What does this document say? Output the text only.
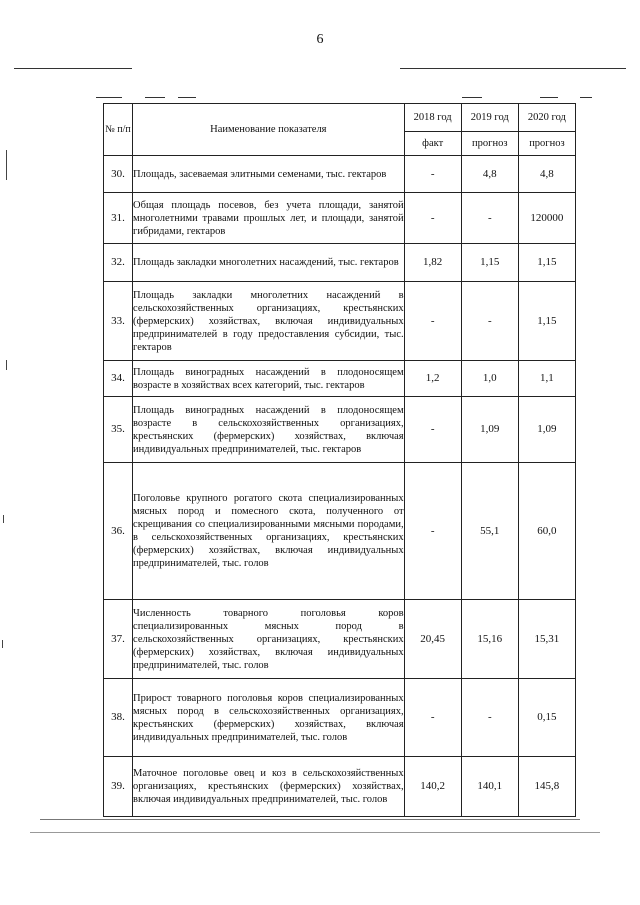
6
№ п/п	Наименование показателя	2018 год	2019 год	2020 год
		факт	прогноз	прогноз
30.	Площадь, засеваемая элитными семенами, тыс. гектаров	-	4,8	4,8
31.	Общая площадь посевов, без учета площади, занятой многолетними травами прошлых лет, и площади, занятой гибридами, гектаров	-	-	120000
32.	Площадь закладки многолетних насаждений, тыс. гектаров	1,82	1,15	1,15
33.	Площадь закладки многолетних насаждений в сельскохозяйственных организациях, крестьянских (фермерских) хозяйствах, включая индивидуальных предпринимателей в году предоставления субсидии, тыс. гектаров	-	-	1,15
34.	Площадь виноградных насаждений в плодоносящем возрасте в хозяйствах всех категорий, тыс. гектаров	1,2	1,0	1,1
35.	Площадь виноградных насаждений в плодоносящем возрасте в сельскохозяйственных организациях, крестьянских (фермерских) хозяйствах, включая индивидуальных предпринимателей, тыс. гектаров	-	1,09	1,09
36.	Поголовье крупного рогатого скота специализированных мясных пород и помесного скота, полученного от скрещивания со специализированными мясными породами, в сельскохозяйственных организациях, крестьянских (фермерских) хозяйствах, включая индивидуальных предпринимателей, тыс. голов	-	55,1	60,0
37.	Численность товарного поголовья коров специализированных мясных пород в сельскохозяйственных организациях, крестьянских (фермерских) хозяйствах, включая индивидуальных предпринимателей, тыс. голов	20,45	15,16	15,31
38.	Прирост товарного поголовья коров специализированных мясных пород в сельскохозяйственных организациях, крестьянских (фермерских) хозяйствах, включая индивидуальных предпринимателей, тыс. голов	-	-	0,15
39.	Маточное поголовье овец и коз в сельскохозяйственных организациях, крестьянских (фермерских) хозяйствах, включая индивидуальных предпринимателей, тыс. голов	140,2	140,1	145,8
